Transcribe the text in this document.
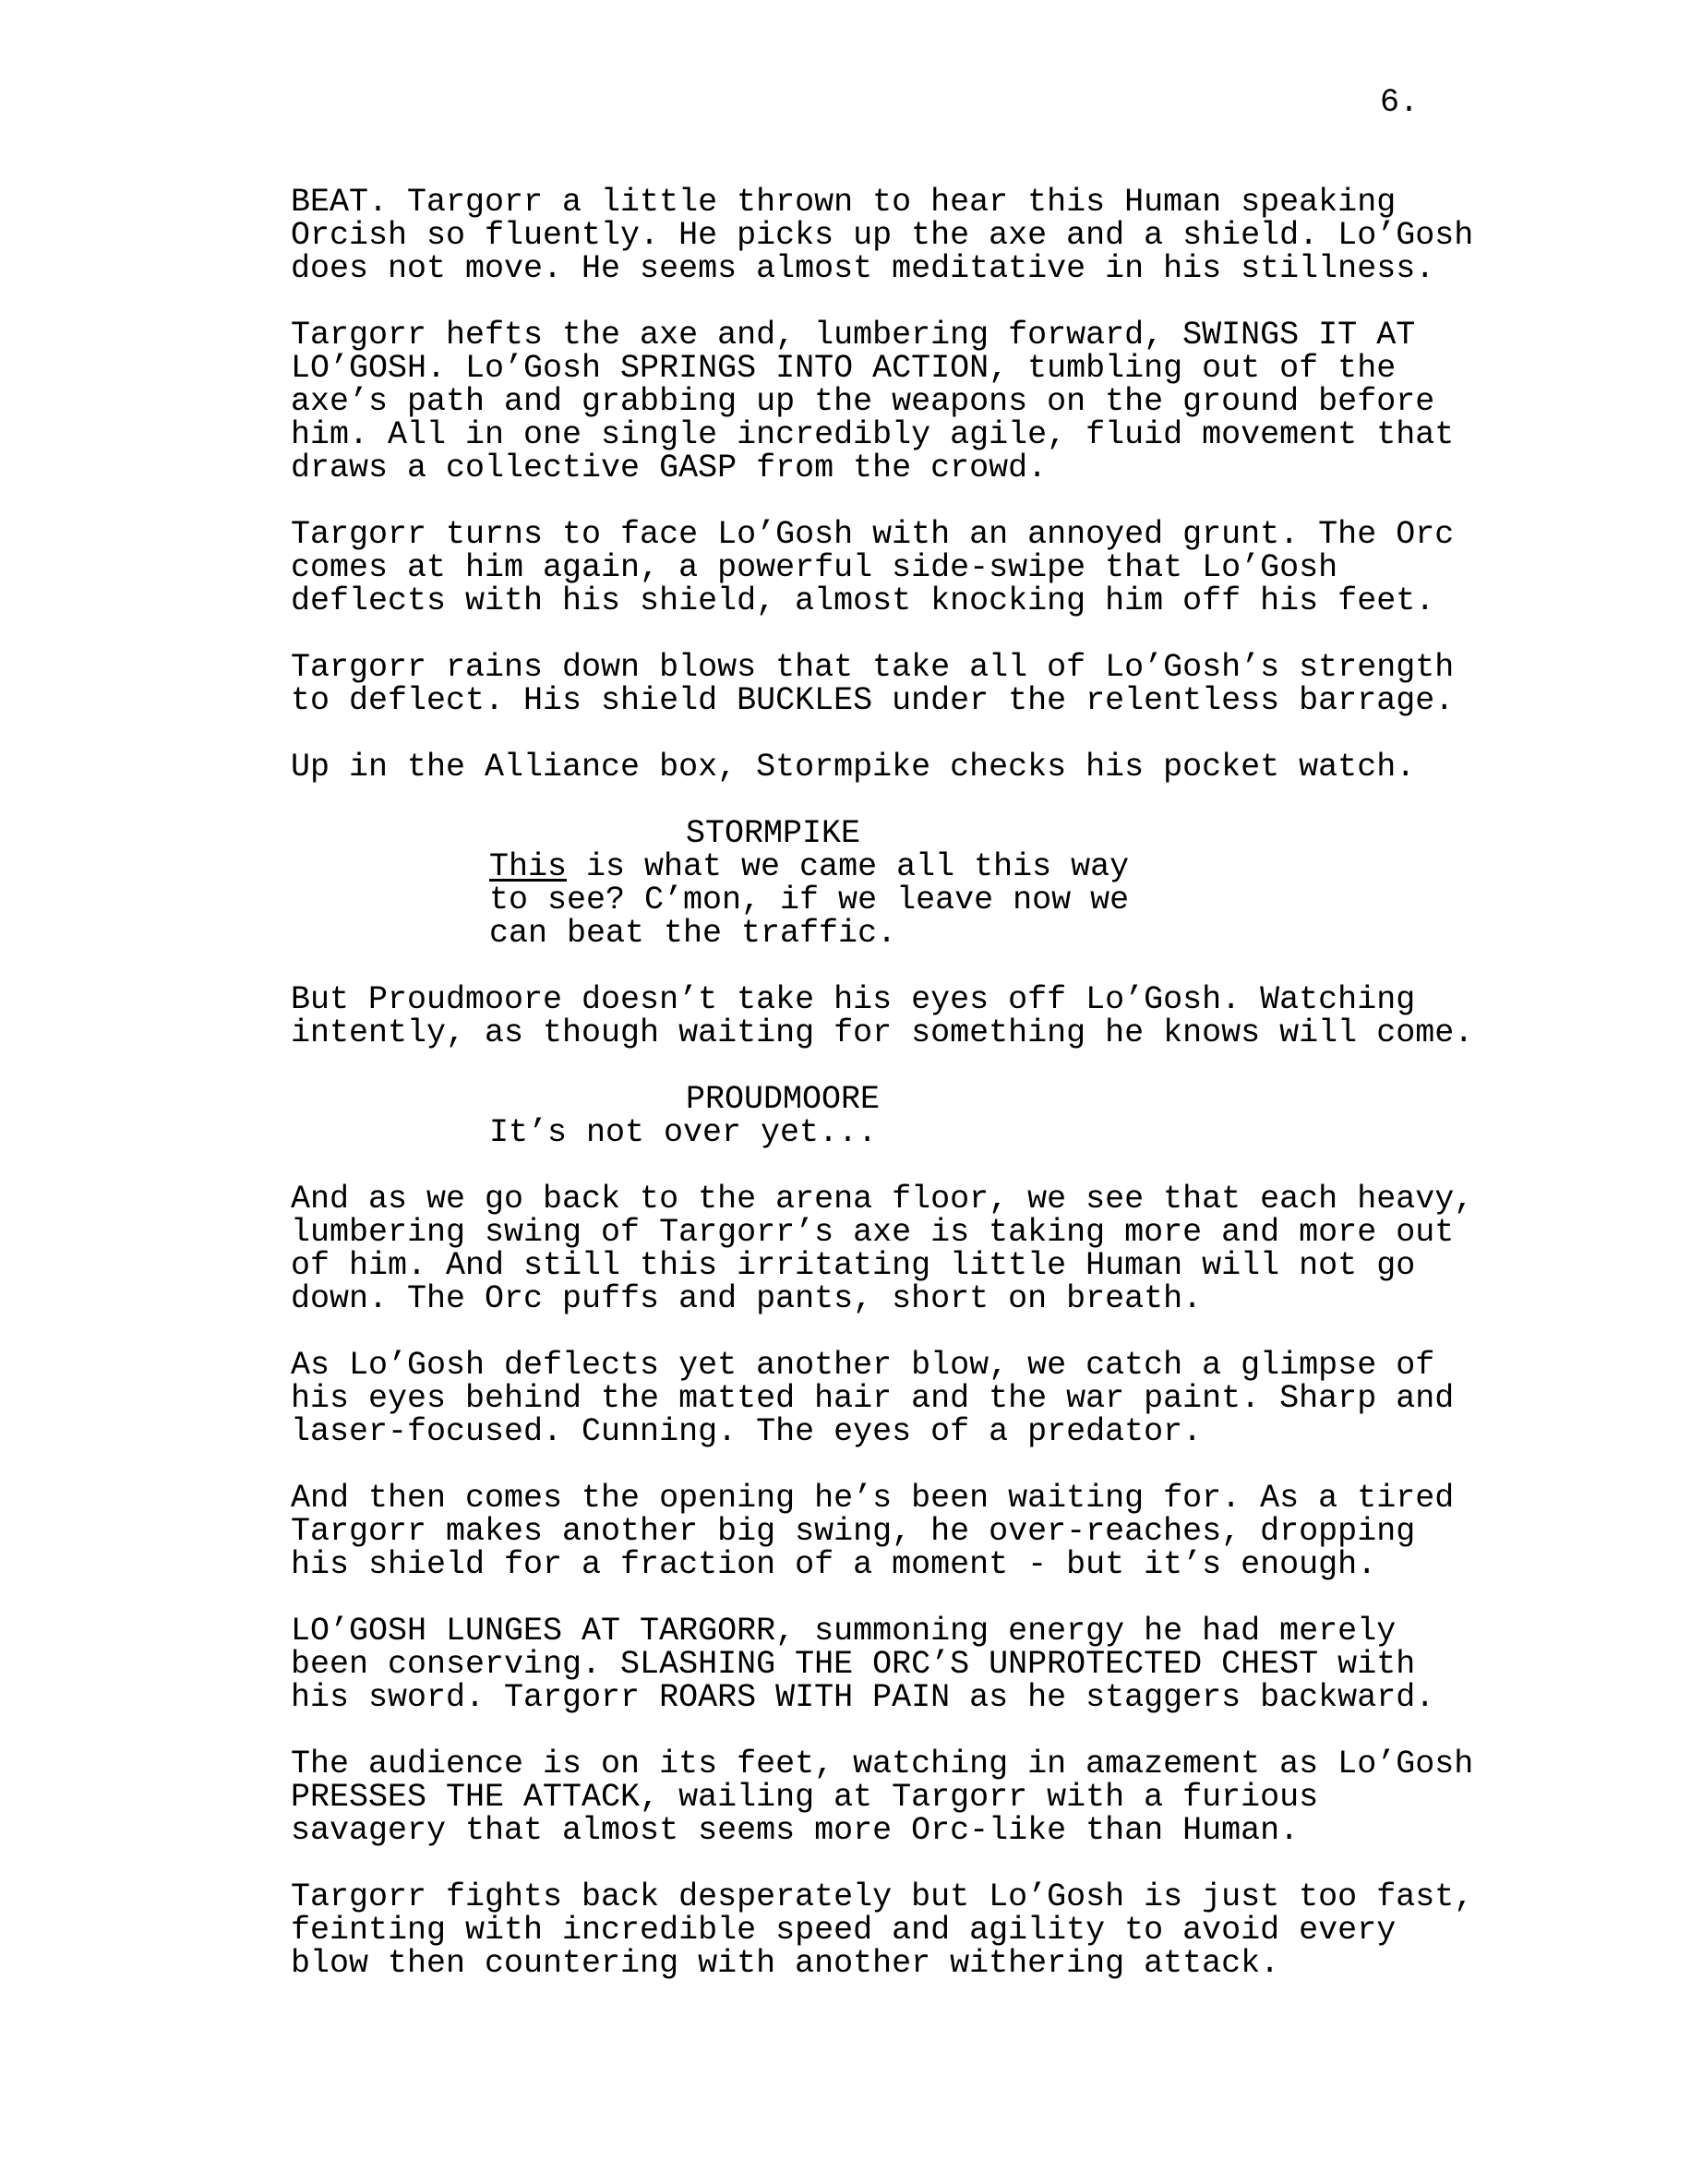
6.
BEAT. Targorr a little thrown to hear this Human speaking
Orcish so fluently. He picks up the axe and a shield. Lo’Gosh
does not move. He seems almost meditative in his stillness.
Targorr hefts the axe and, lumbering forward, SWINGS IT AT
LO’GOSH. Lo’Gosh SPRINGS INTO ACTION, tumbling out of the
axe’s path and grabbing up the weapons on the ground before
him. All in one single incredibly agile, fluid movement that
draws a collective GASP from the crowd.
Targorr turns to face Lo’Gosh with an annoyed grunt. The Orc
comes at him again, a powerful side-swipe that Lo’Gosh
deflects with his shield, almost knocking him off his feet.
Targorr rains down blows that take all of Lo’Gosh’s strength
to deflect. His shield BUCKLES under the relentless barrage.
Up in the Alliance box, Stormpike checks his pocket watch.
STORMPIKE
This is what we came all this way
to see? C’mon, if we leave now we
can beat the traffic.
But Proudmoore doesn’t take his eyes off Lo’Gosh. Watching
intently, as though waiting for something he knows will come.
PROUDMOORE
It’s not over yet...
And as we go back to the arena floor, we see that each heavy,
lumbering swing of Targorr’s axe is taking more and more out
of him. And still this irritating little Human will not go
down. The Orc puffs and pants, short on breath.
As Lo’Gosh deflects yet another blow, we catch a glimpse of
his eyes behind the matted hair and the war paint. Sharp and
laser-focused. Cunning. The eyes of a predator.
And then comes the opening he’s been waiting for. As a tired
Targorr makes another big swing, he over-reaches, dropping
his shield for a fraction of a moment - but it’s enough.
LO’GOSH LUNGES AT TARGORR, summoning energy he had merely
been conserving. SLASHING THE ORC’S UNPROTECTED CHEST with
his sword. Targorr ROARS WITH PAIN as he staggers backward.
The audience is on its feet, watching in amazement as Lo’Gosh
PRESSES THE ATTACK, wailing at Targorr with a furious
savagery that almost seems more Orc-like than Human.
Targorr fights back desperately but Lo’Gosh is just too fast,
feinting with incredible speed and agility to avoid every
blow then countering with another withering attack.
